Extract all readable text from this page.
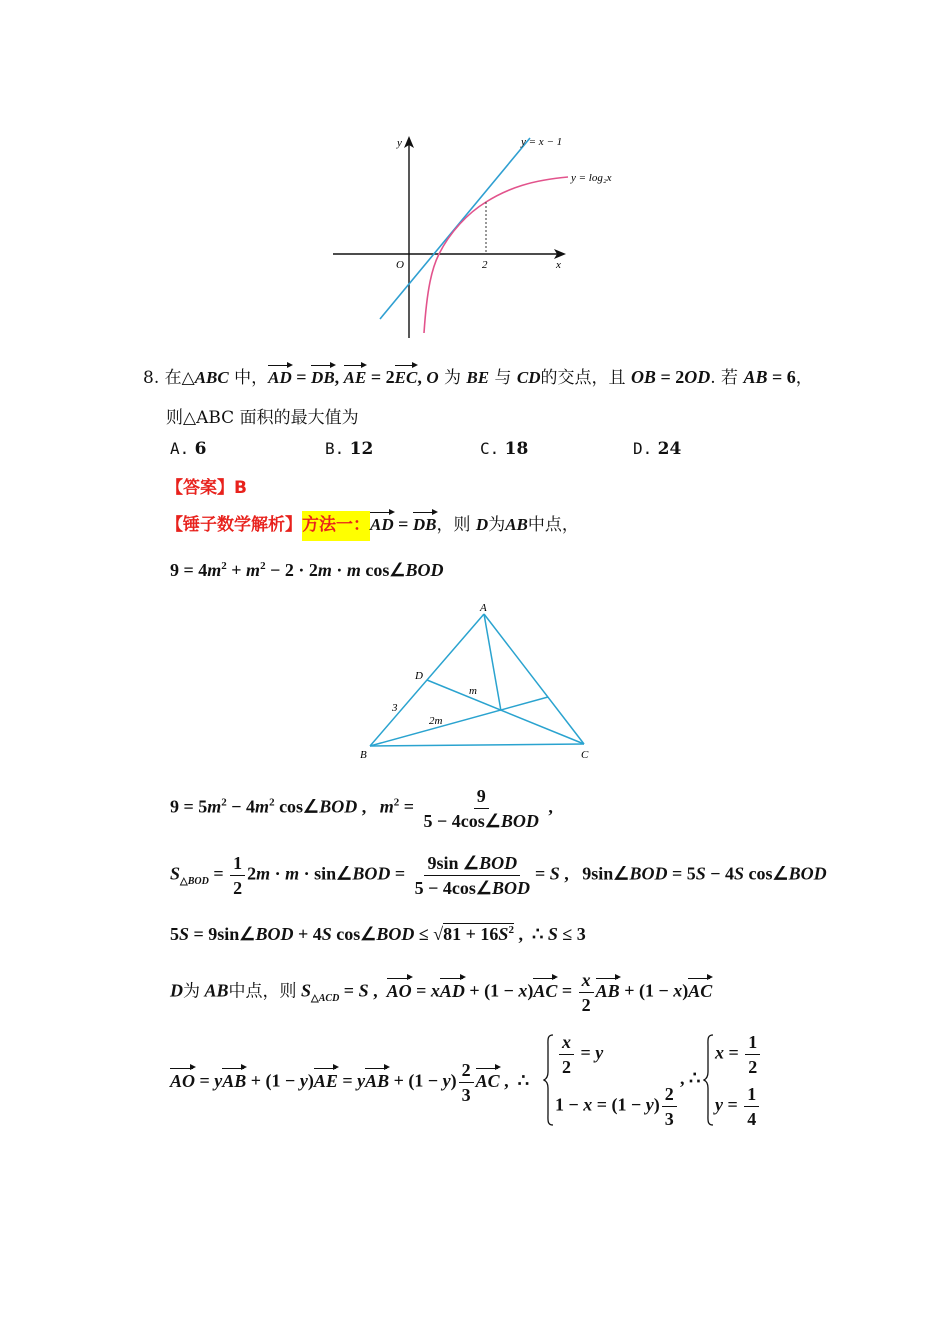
y
x
O	2
y = x − 1
y = log₂x
8. 在△ABC 中，AD = DB, AE = 2EC, O 为 BE 与 CD的交点，且 OB = 2OD. 若 AB = 6，
则△ABC 面积的最大值为
A. 6	B. 12	C. 18	D. 24
【答案】B
【锤子数学解析】方法一：AD = DB，则 D为AB中点，
$9 = 4m^2 + m^2 - 2 \cdot 2m \cdot m$ cos∠BOD
A
B	C
D
3
m
2m
$9 = 5m^2 - 4m^2$ cos∠BOD ,   $m^2 = \frac{9}{\text{5 − 4cos∠BOD}}$ ,
$S_{\triangle BOD} = \frac{1}{2} 2m \cdot m$ · sin∠BOD = $\frac{\text{9sin ∠BOD}}{\text{5 − 4cos∠BOD}} = S$ ,   9sin∠BOD = 5S − 4S cos∠BOD
5S = 9sin∠BOD + 4S cos∠BOD ≤ $√81 + 16S^2$ ,  ∴ S ≤ 3
D为 AB中点，则 $S_{\triangle ACD} = S$ ,  AO = xAD + $(1 - x)AC = \frac{x}{2}$ AB + (1 − x)AC
AO = yAB + (1 − y)AE = yAB + $(1 - y) \frac{2}{3}$ AC ,  ∴
$\frac{x}{2} = y$
$1 - x = (1 - y) \frac{2}{3}$
, ∴
$x = \frac{1}{2}$
$y = \frac{1}{4}$
